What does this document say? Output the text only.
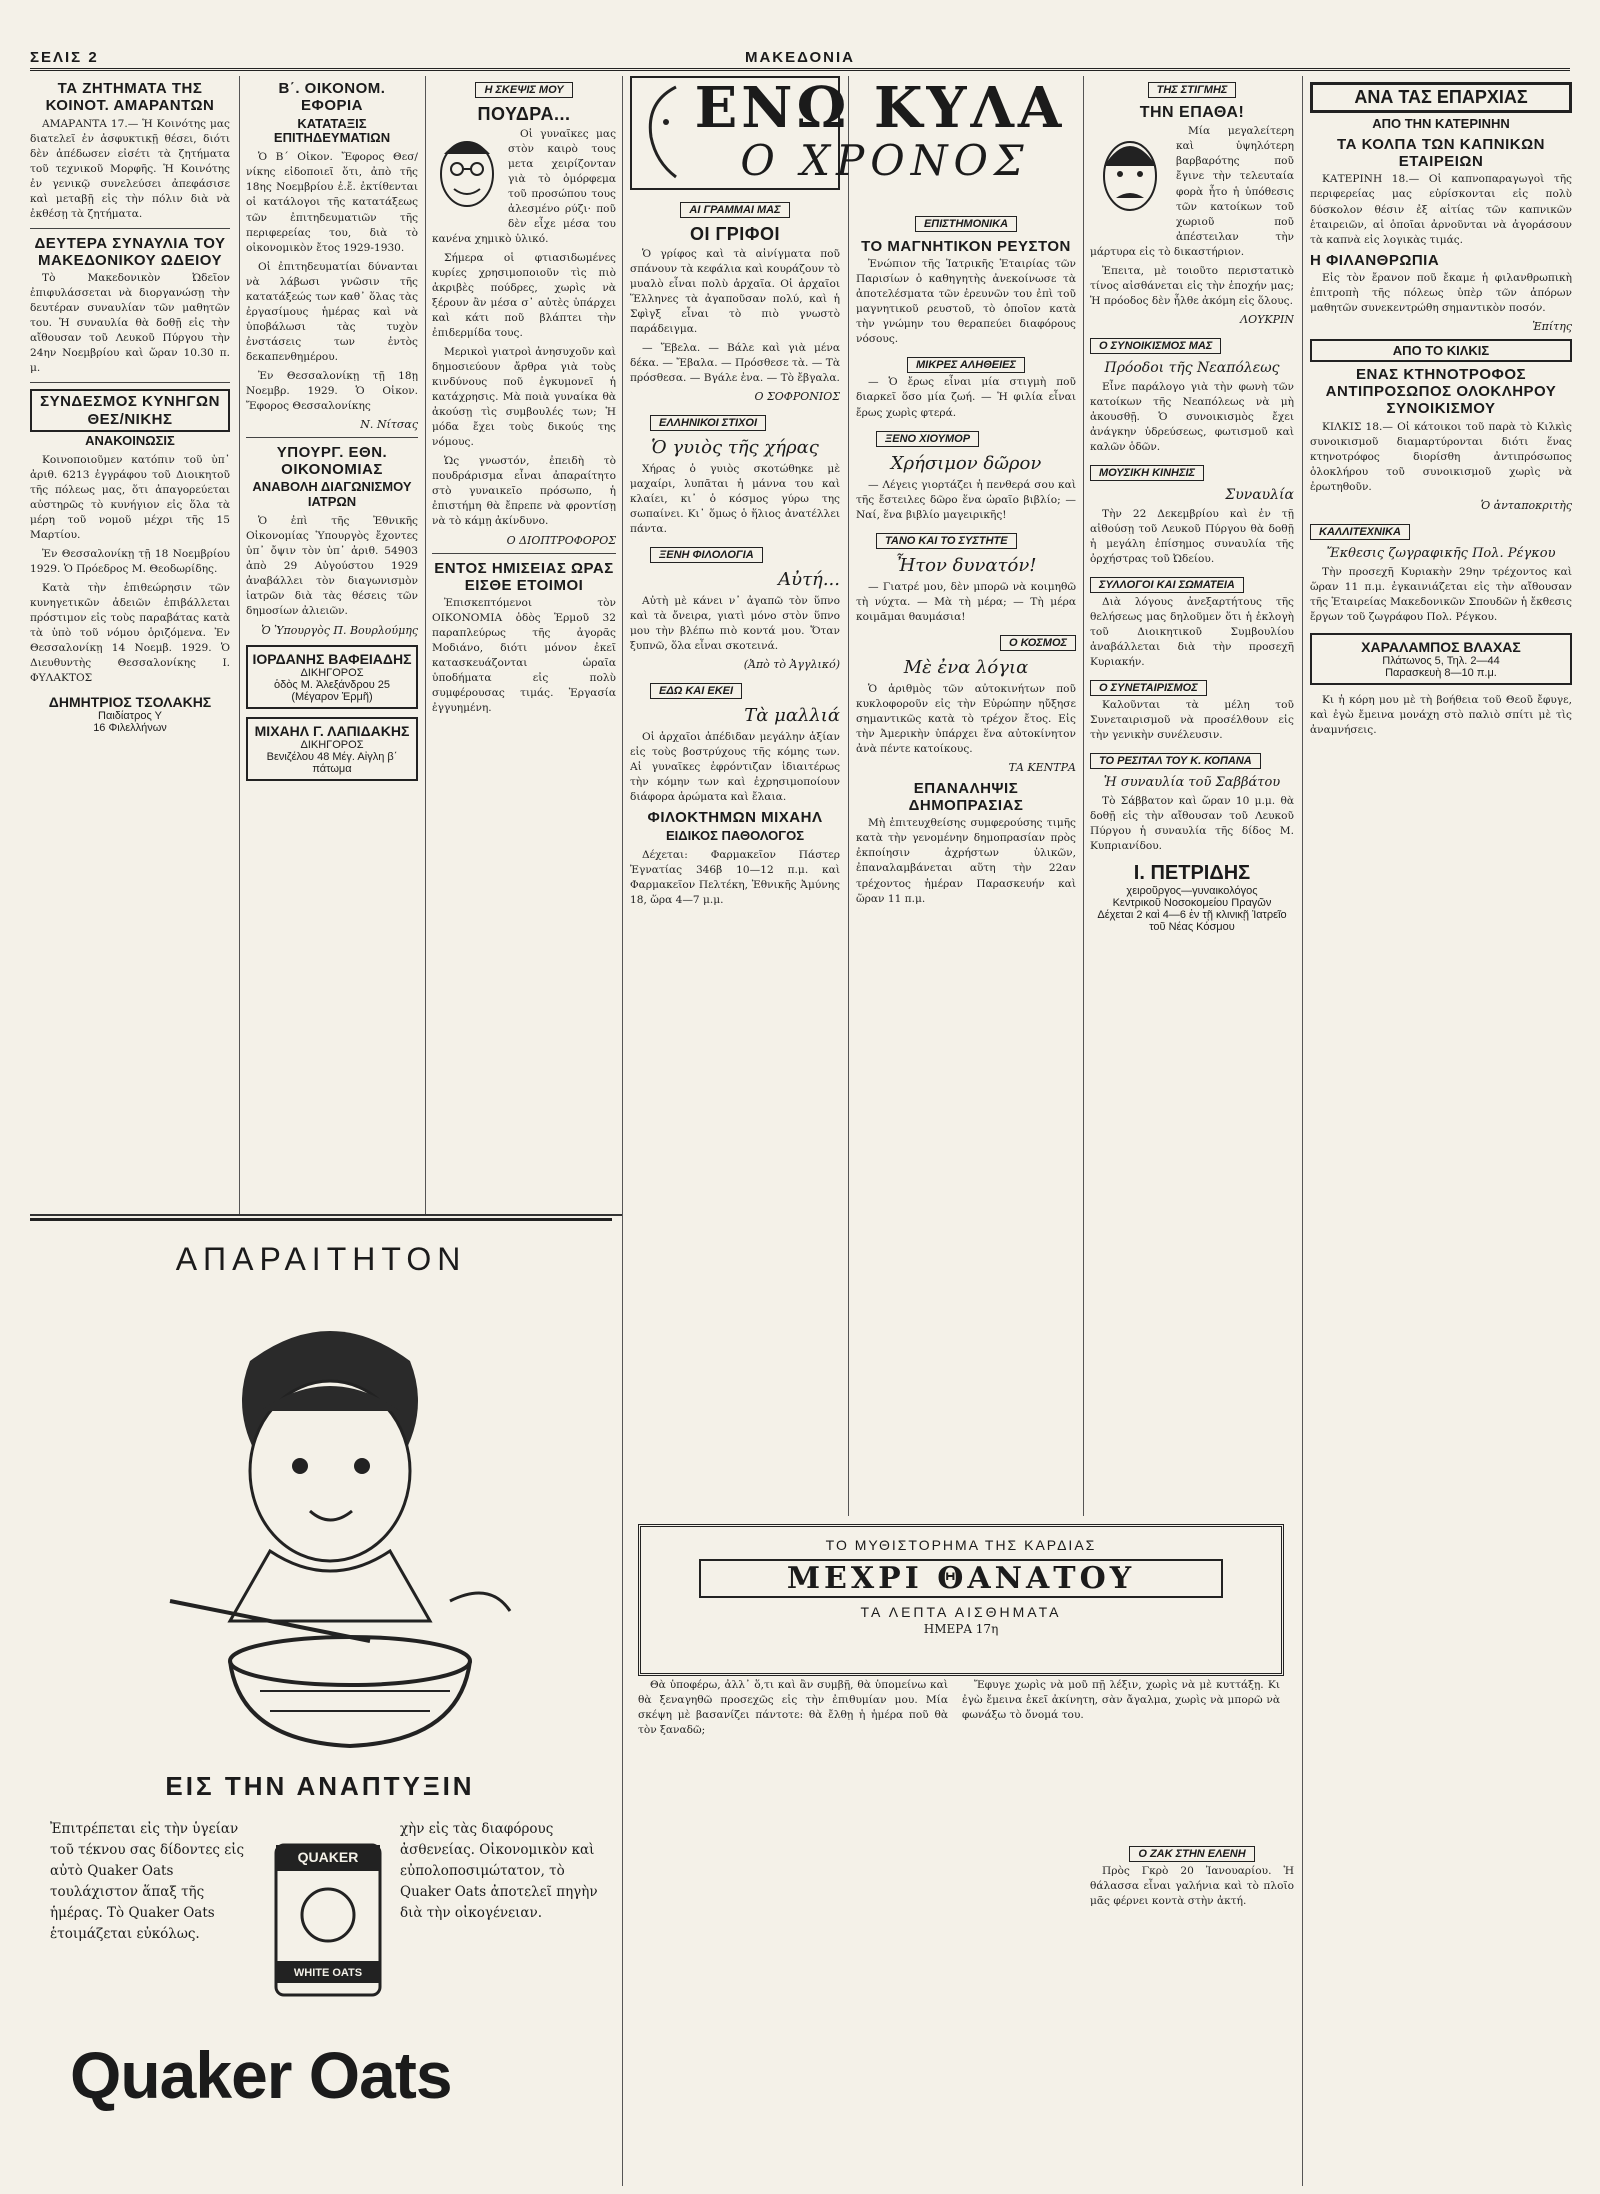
ΣΕΛΙΣ 2	ΜΑΚΕΔΟΝΙΑ
ΤΑ ΖΗΤΗΜΑΤΑ ΤΗΣ ΚΟΙΝΟΤ. ΑΜΑΡΑΝΤΩΝ

ΑΜΑΡΑΝΤΑ 17.— Ἡ Κοινότης μας διατελεῖ ἐν ἀσφυκτικῇ θέσει, διότι δὲν ἀπέδωσεν εἰσέτι τὰ ζητήματα τοῦ τεχνικοῦ Μορφῆς. Ἡ Κοινότης ἐν γενικῷ συνελεύσει ἀπεφάσισε καὶ μεταβῇ εἰς τὴν πόλιν διὰ νὰ ἐκθέσῃ τὰ ζητήματα.

ΔΕΥΤΕΡΑ ΣΥΝΑΥΛΙΑ ΤΟΥ ΜΑΚΕΔΟΝΙΚΟΥ ΩΔΕΙΟΥ

Τὸ Μακεδονικὸν Ὠδεῖον ἐπιφυλάσσεται νὰ διοργανώσῃ τὴν δευτέραν συναυλίαν τῶν μαθητῶν του. Ἡ συναυλία θὰ δοθῇ εἰς τὴν αἴθουσαν τοῦ Λευκοῦ Πύργου τὴν 24ην Νοεμβρίου καὶ ὥραν 10.30 π. μ.

ΣΥΝΔΕΣΜΟΣ ΚΥΝΗΓΩΝ ΘΕΣ/ΝΙΚΗΣ
ΑΝΑΚΟΙΝΩΣΙΣ

Κοινοποιοῦμεν κατόπιν τοῦ ὑπ᾽ ἀριθ. 6213 ἐγγράφου τοῦ Διοικητοῦ τῆς πόλεως μας, ὅτι ἀπαγορεύεται αὐστηρῶς τὸ κυνήγιον εἰς ὅλα τὰ μέρη τοῦ νομοῦ μέχρι τῆς 15 Μαρτίου.

Ἐν Θεσσαλονίκῃ τῇ 18 Νοεμβρίου 1929. Ὁ Πρόεδρος Μ. Θεοδωρίδης.

Κατὰ τὴν ἐπιθεώρησιν τῶν κυνηγετικῶν ἀδειῶν ἐπιβάλλεται πρόστιμον εἰς τοὺς παραβάτας κατὰ τὰ ὑπὸ τοῦ νόμου ὁριζόμενα. Ἐν Θεσσαλονίκῃ 14 Νοεμβ. 1929. Ὁ Διευθυντὴς Θεσσαλονίκης Ι. ΦΥΛΑΚΤΟΣ

ΔΗΜΗΤΡΙΟΣ ΤΣΟΛΑΚΗΣ
Παιδίατρος Υ
16 Φιλελλήνων
Β΄. ΟΙΚΟΝΟΜ. ΕΦΟΡΙΑ
ΚΑΤΑΤΑΞΙΣ ΕΠΙΤΗΔΕΥΜΑΤΙΩΝ

Ὁ Β΄ Οἰκον. Ἔφορος Θεσ/νίκης εἰδοποιεῖ ὅτι, ἀπὸ τῆς 18ης Νοεμβρίου ἐ.ἔ. ἐκτίθενται οἱ κατάλογοι τῆς κατατάξεως τῶν ἐπιτηδευματιῶν τῆς περιφερείας του, διὰ τὸ οἰκονομικὸν ἔτος 1929-1930.

Οἱ ἐπιτηδευματίαι δύνανται νὰ λάβωσι γνῶσιν τῆς κατατάξεώς των καθ᾽ ὅλας τὰς ἐργασίμους ἡμέρας καὶ νὰ ὑποβάλωσι τὰς τυχὸν ἐνστάσεις των ἐντὸς δεκαπενθημέρου.

Ἐν Θεσσαλονίκῃ τῇ 18ῃ Νοεμβρ. 1929. Ὁ Οἰκον. Ἔφορος Θεσσαλονίκης

Ν. Νίτσας
ΥΠΟΥΡΓ. ΕΘΝ. ΟΙΚΟΝΟΜΙΑΣ
ΑΝΑΒΟΛΗ ΔΙΑΓΩΝΙΣΜΟΥ ΙΑΤΡΩΝ

Ὁ ἐπὶ τῆς Ἐθνικῆς Οἰκονομίας Ὑπουργὸς ἔχοντες ὑπ᾽ ὄψιν τὸν ὑπ᾽ ἀριθ. 54903 ἀπὸ 29 Αὐγούστου 1929 ἀναβάλλει τὸν διαγωνισμὸν ἰατρῶν διὰ τὰς θέσεις τῶν δημοσίων ἀλιειῶν.

Ὁ Ὑπουργὸς Π. Βουρλούμης
ΙΟΡΔΑΝΗΣ ΒΑΦΕΙΑΔΗΣ
ΔΙΚΗΓΟΡΟΣ
ὁδὸς Μ. Ἀλεξάνδρου 25 (Μέγαρον Ἐρμῆ)
ΜΙΧΑΗΛ Γ. ΛΑΠΙΔΑΚΗΣ
ΔΙΚΗΓΟΡΟΣ
Βενιζέλου 48 Μέγ. Αἰγλη β΄ πάτωμα
Η ΣΚΕΨΙΣ ΜΟΥ
ΠΟΥΔΡΑ...

Οἱ γυναῖκες μας στὸν καιρὸ τους μετα χειρίζονταν γιὰ τὸ ὀμόρφεμα τοῦ προσώπου τους ἀλεσμένο ρύζι· ποῦ δὲν εἶχε μέσα του κανένα χημικὸ ὑλικό.

Σήμερα οἱ φτιασιδωμένες κυρίες χρησιμοποιοῦν τὶς πιὸ ἀκριβὲς πούδρες, χωρὶς νὰ ξέρουν ἂν μέσα σ᾽ αὐτὲς ὑπάρχει καὶ κάτι ποῦ βλάπτει τὴν ἐπιδερμίδα τους.

Μερικοὶ γιατροὶ ἀνησυχοῦν καὶ δημοσιεύουν ἄρθρα γιὰ τοὺς κινδύνους ποῦ ἐγκυμονεῖ ἡ κατάχρησις. Μὰ ποιὰ γυναίκα θὰ ἀκούσῃ τὶς συμβουλές των; Ἡ μόδα ἔχει τοὺς δικούς της νόμους.

Ὡς γνωστόν, ἐπειδὴ τὸ πουδράρισμα εἶναι ἀπαραίτητο στὸ γυναικεῖο πρόσωπο, ἡ ἐπιστήμη θὰ ἔπρεπε νὰ φροντίσῃ νὰ τὸ κάμῃ ἀκίνδυνο.

Ο ΔΙΟΠΤΡΟΦΟΡΟΣ
ΕΝΤΟΣ ΗΜΙΣΕΙΑΣ ΩΡΑΣ ΕΙΣΘΕ ΕΤΟΙΜΟΙ

Ἐπισκεπτόμενοι τὸν ΟΙΚΟΝΟΜΙΑ ὁδὸς Ἑρμοῦ 32 παραπλεύρως τῆς ἀγορᾶς Μοδιάνο, διότι μόνον ἐκεῖ κατασκευάζονται ὡραῖα ὑποδήματα εἰς πολὺ συμφέρουσας τιμάς. Ἐργασία ἐγγυημένη.

ΑΠΑΡΑΙΤΗΤΟΝ
ΕΙΣ ΤΗΝ ΑΝΑΠΤΥΞΙΝ
Ἐπιτρέπεται εἰς τὴν ὑγείαν τοῦ τέκνου σας δίδοντες εἰς αὐτὸ Quaker Oats τουλάχιστον ἅπαξ τῆς ἡμέρας. Τὸ Quaker Oats ἑτοιμάζεται εὐκόλως.
QUAKER
WHITE OATS
χὴν εἰς τὰς διαφόρους ἀσθενείας. Οἰκονομικὸν καὶ εὐπολοποσιμώτατον, τὸ Quaker Oats ἀποτελεῖ πηγὴν διὰ τὴν οἰκογένειαν.
Quaker Oats
ΑΙ ΓΡΑΜΜΑΙ ΜΑΣ
ΟΙ ΓΡΙΦΟΙ

Ὁ γρίφος καὶ τὰ αἰνίγματα ποῦ σπάνουν τὰ κεφάλια καὶ κουράζουν τὸ μυαλὸ εἶναι πολὺ ἀρχαῖα. Οἱ ἀρχαῖοι Ἕλληνες τὰ ἀγαποῦσαν πολύ, καὶ ἡ Σφὶγξ εἶναι τὸ πιὸ γνωστὸ παράδειγμα.

— Ἔβελα. — Βάλε καὶ γιὰ μένα δέκα. — Ἔβαλα. — Πρόσθεσε τὰ. — Τὰ πρόσθεσα. — Βγάλε ἑνα. — Τὸ ἔβγαλα.

Ο ΣΟΦΡΟΝΙΟΣ
ΕΛΛΗΝΙΚΟΙ ΣΤΙΧΟΙ
Ὁ γυιὸς τῆς χήρας

Χήρας ὁ γυιὸς σκοτώθηκε μὲ μαχαίρι, λυπᾶται ἡ μάννα του καὶ κλαίει, κι᾽ ὁ κόσμος γύρω της σωπαίνει. Κι᾽ ὅμως ὁ ἥλιος ἀνατέλλει πάντα.

ΞΕΝΗ ΦΙΛΟΛΟΓΙΑ
Αὐτή...

Αὐτὴ μὲ κάνει ν᾽ ἀγαπῶ τὸν ὕπνο καὶ τὰ ὄνειρα, γιατὶ μόνο στὸν ὕπνο μου τὴν βλέπω πιὸ κοντά μου. Ὅταν ξυπνῶ, ὅλα εἶναι σκοτεινά.

(Ἀπὸ τὸ Ἀγγλικό)
ΕΔΩ ΚΑΙ ΕΚΕΙ
Τὰ μαλλιά

Οἱ ἀρχαῖοι ἀπέδιδαν μεγάλην ἀξίαν εἰς τοὺς βοστρύχους τῆς κόμης των. Αἱ γυναῖκες ἐφρόντιζαν ἰδιαιτέρως τὴν κόμην των καὶ ἐχρησιμοποίουν διάφορα ἀρώματα καὶ ἔλαια.

ΦΙΛΟΚΤΗΜΩΝ ΜΙΧΑΗΛ
ΕΙΔΙΚΟΣ ΠΑΘΟΛΟΓΟΣ

Δέχεται: Φαρμακεῖον Πάστερ Ἐγνατίας 346β 10—12 π.μ. καὶ Φαρμακεῖον Πελτέκη, Ἐθνικῆς Ἀμύνης 18, ὥρα 4—7 μ.μ.

ΕΝΩ ΚΥΛΑ
Ο ΧΡΟΝΟΣ
ΕΠΙΣΤΗΜΟΝΙΚΑ
ΤΟ ΜΑΓΝΗΤΙΚΟΝ ΡΕΥΣΤΟΝ

Ἐνώπιον τῆς Ἰατρικῆς Ἑταιρίας τῶν Παρισίων ὁ καθηγητὴς ἀνεκοίνωσε τὰ ἀποτελέσματα τῶν ἐρευνῶν του ἐπὶ τοῦ μαγνητικοῦ ρευστοῦ, τὸ ὁποῖον κατὰ τὴν γνώμην του θεραπεύει διαφόρους νόσους.

ΜΙΚΡΕΣ ΑΛΗΘΕΙΕΣ

— Ὁ ἔρως εἶναι μία στιγμὴ ποῦ διαρκεῖ ὅσο μία ζωή. — Ἡ φιλία εἶναι ἔρως χωρὶς φτερά.

ΞΕΝΟ ΧΙΟΥΜΟΡ
Χρήσιμον δῶρον

— Λέγεις γιορτάζει ἡ πενθερά σου καὶ τῆς ἔστειλες δῶρο ἕνα ὡραῖο βιβλίο; — Ναί, ἕνα βιβλίο μαγειρικῆς!

ΤΑΝΟ ΚΑΙ ΤΟ ΣΥΣΤΗΤΕ
Ἦτον δυνατόν!

— Γιατρέ μου, δὲν μπορῶ νὰ κοιμηθῶ τὴ νύχτα. — Μὰ τὴ μέρα; — Τὴ μέρα κοιμᾶμαι θαυμάσια!

Ο ΚΟΣΜΟΣ
Μὲ ἐνα λόγια

Ὁ ἀριθμὸς τῶν αὐτοκινήτων ποῦ κυκλοφοροῦν εἰς τὴν Εὐρώπην ηὔξησε σημαντικῶς κατὰ τὸ τρέχον ἔτος. Εἰς τὴν Ἀμερικὴν ὑπάρχει ἕνα αὐτοκίνητον ἀνὰ πέντε κατοίκους.

ΤΑ ΚΕΝΤΡΑ
ΕΠΑΝΑΛΗΨΙΣ ΔΗΜΟΠΡΑΣΙΑΣ

Μὴ ἐπιτευχθείσης συμφερούσης τιμῆς κατὰ τὴν γενομένην δημοπρασίαν πρὸς ἐκποίησιν ἀχρήστων ὑλικῶν, ἐπαναλαμβάνεται αὕτη τὴν 22αν τρέχοντος ἡμέραν Παρασκευήν καὶ ὥραν 11 π.μ.

ΤΗΣ ΣΤΙΓΜΗΣ
ΤΗΝ ΕΠΑΘΑ!

Μία μεγαλείτερη καὶ ὑψηλότερη βαρβαρότης ποῦ ἔγινε τὴν τελευταία φορὰ ἦτο ἡ ὑπόθεσις τῶν κατοίκων τοῦ χωριοῦ ποῦ ἀπέστειλαν τὴν μάρτυρα εἰς τὸ δικαστήριον.

Ἐπειτα, μὲ τοιοῦτο περιστατικὸ τίνος αἰσθάνεται εἰς τὴν ἐποχήν μας; Ἡ πρόοδος δὲν ἦλθε ἀκόμη εἰς ὅλους.

ΛΟΥΚΡΙΝ
Ο ΣΥΝΟΙΚΙΣΜΟΣ ΜΑΣ
Πρόοδοι τῆς Νεαπόλεως

Εἶνε παράλογο γιὰ τὴν φωνὴ τῶν κατοίκων τῆς Νεαπόλεως νὰ μὴ ἀκουσθῇ. Ὁ συνοικισμὸς ἔχει ἀνάγκην ὑδρεύσεως, φωτισμοῦ καὶ καλῶν ὁδῶν.

ΜΟΥΣΙΚΗ ΚΙΝΗΣΙΣ
Συναυλία

Τὴν 22 Δεκεμβρίου καὶ ἐν τῇ αἰθούσῃ τοῦ Λευκοῦ Πύργου θὰ δοθῇ ἡ μεγάλη ἐπίσημος συναυλία τῆς ὀρχήστρας τοῦ Ὠδείου.

ΣΥΛΛΟΓΟΙ ΚΑΙ ΣΩΜΑΤΕΙΑ

Διὰ λόγους ἀνεξαρτήτους τῆς θελήσεως μας δηλοῦμεν ὅτι ἡ ἐκλογὴ τοῦ Διοικητικοῦ Συμβουλίου ἀναβάλλεται διὰ τὴν προσεχῆ Κυριακήν.

Ο ΣΥΝΕΤΑΙΡΙΣΜΟΣ

Καλοῦνται τὰ μέλη τοῦ Συνεταιρισμοῦ νὰ προσέλθουν εἰς τὴν γενικὴν συνέλευσιν.

ΤΟ ΡΕΣΙΤΑΛ ΤΟΥ Κ. ΚΟΠΑΝΑ
Ἡ συναυλία τοῦ Σαββάτου

Τὸ Σάββατον καὶ ὥραν 10 μ.μ. θὰ δοθῇ εἰς τὴν αἴθουσαν τοῦ Λευκοῦ Πύργου ἡ συναυλία τῆς δίδος Μ. Κυπριανίδου.

Ι. ΠΕΤΡΙΔΗΣ
χειροῦργος—γυναικολόγος
Κεντρικοῦ Νοσοκομείου Πραγῶν
Δέχεται 2 καὶ 4—6 ἐν τῇ κλινικῇ Ἰατρεῖο τοῦ Νέας Κόσμου
ΤΟ ΜΥΘΙΣΤΟΡΗΜΑ ΤΗΣ ΚΑΡΔΙΑΣ
ΜΕΧΡΙ ΘΑΝΑΤΟΥ
ΤΑ ΛΕΠΤΑ ΑΙΣΘΗΜΑΤΑ
ΗΜΕΡΑ 17η

Θὰ ὑποφέρω, ἀλλ᾽ ὅ,τι καὶ ἂν συμβῇ, θὰ ὑπομείνω καὶ θὰ ξεναγηθῶ προσεχῶς εἰς τὴν ἐπιθυμίαν μου. Μία σκέψη μὲ βασανίζει πάντοτε: θὰ ἔλθῃ ἡ ἡμέρα ποῦ θὰ τὸν ξαναδῶ;

Ἔφυγε χωρὶς νὰ μοῦ πῇ λέξιν, χωρὶς νὰ μὲ κυττάξῃ. Κι ἐγὼ ἔμεινα ἐκεῖ ἀκίνητη, σὰν ἄγαλμα, χωρὶς νὰ μπορῶ νὰ φωνάξω τὸ ὄνομά του.

Ο ΖΑΚ ΣΤΗΝ ΕΛΕΝΗ

Πρὸς Γκρὸ 20 Ἰανουαρίου. Ἡ θάλασσα εἶναι γαλήνια καὶ τὸ πλοῖο μᾶς φέρνει κοντὰ στὴν ἀκτή.

ΑΝΑ ΤΑΣ ΕΠΑΡΧΙΑΣ
ΑΠΟ ΤΗΝ ΚΑΤΕΡΙΝΗΝ
ΤΑ ΚΟΛΠΑ ΤΩΝ ΚΑΠΝΙΚΩΝ ΕΤΑΙΡΕΙΩΝ

ΚΑΤΕΡΙΝΗ 18.— Οἱ καπνοπαραγωγοὶ τῆς περιφερείας μας εὑρίσκονται εἰς πολὺ δύσκολον θέσιν ἐξ αἰτίας τῶν καπνικῶν ἑταιρειῶν, αἱ ὁποῖαι ἀρνοῦνται νὰ ἀγοράσουν τὰ καπνὰ εἰς λογικὰς τιμάς.

Η ΦΙΛΑΝΘΡΩΠΙΑ

Εἰς τὸν ἔρανον ποῦ ἔκαμε ἡ φιλανθρωπικὴ ἐπιτροπὴ τῆς πόλεως ὑπὲρ τῶν ἀπόρων μαθητῶν συνεκεντρώθη σημαντικὸν ποσόν.

Ἐπίτης
ΑΠΟ ΤΟ ΚΙΛΚΙΣ
ΕΝΑΣ ΚΤΗΝΟΤΡΟΦΟΣ ΑΝΤΙΠΡΟΣΩΠΟΣ ΟΛΟΚΛΗΡΟΥ ΣΥΝΟΙΚΙΣΜΟΥ

ΚΙΛΚΙΣ 18.— Οἱ κάτοικοι τοῦ παρὰ τὸ Κιλκὶς συνοικισμοῦ διαμαρτύρονται διότι ἕνας κτηνοτρόφος διορίσθη ἀντιπρόσωπος ὁλοκλήρου τοῦ συνοικισμοῦ χωρὶς νὰ ἐρωτηθοῦν.

Ὁ ἀνταποκριτὴς
ΚΑΛΛΙΤΕΧΝΙΚΑ
Ἔκθεσις ζωγραφικῆς Πολ. Ρέγκου

Τὴν προσεχῆ Κυριακὴν 29ην τρέχοντος καὶ ὥραν 11 π.μ. ἐγκαινιάζεται εἰς τὴν αἴθουσαν τῆς Ἑταιρείας Μακεδονικῶν Σπουδῶν ἡ ἔκθεσις ἔργων τοῦ ζωγράφου Πολ. Ρέγκου.

ΧΑΡΑΛΑΜΠΟΣ ΒΛΑΧΑΣ
Πλάτωνος 5, Τηλ. 2—44
Παρασκευὴ 8—10 π.μ.

Κι ἡ κόρη μου μὲ τὴ βοήθεια τοῦ Θεοῦ ἔφυγε, καὶ ἐγὼ ἔμεινα μονάχη στὸ παλιὸ σπίτι μὲ τὶς ἀναμνήσεις.
